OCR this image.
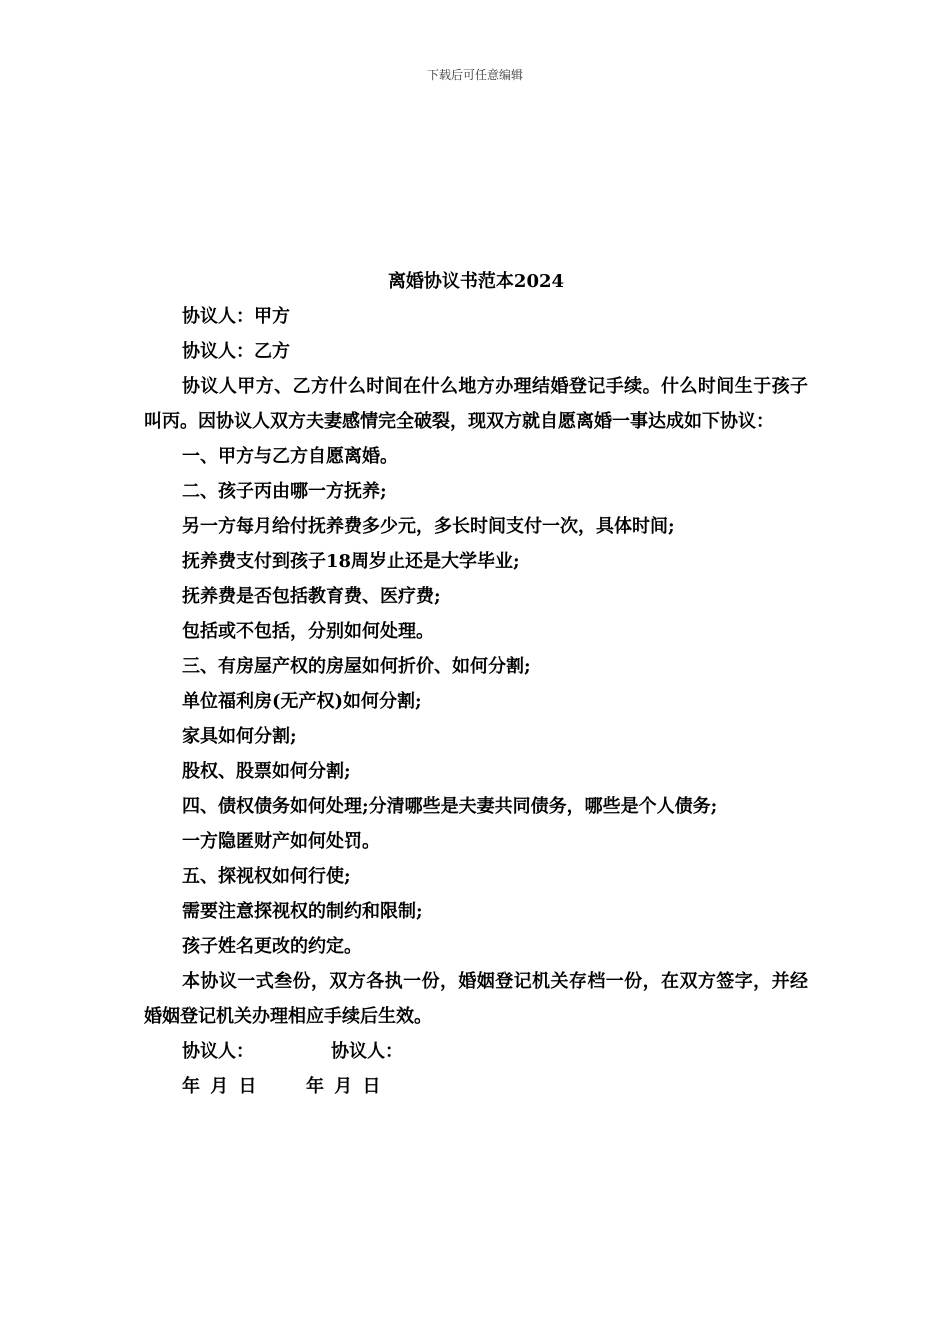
下载后可任意编辑
离婚协议书范本2024

协议人：甲方

协议人：乙方

协议人甲方、乙方什么时间在什么地方办理结婚登记手续。什么时间生于孩子叫丙。因协议人双方夫妻感情完全破裂，现双方就自愿离婚一事达成如下协议：

一、甲方与乙方自愿离婚。

二、孩子丙由哪一方抚养;

另一方每月给付抚养费多少元，多长时间支付一次，具体时间;

抚养费支付到孩子18周岁止还是大学毕业;

抚养费是否包括教育费、医疗费;

包括或不包括，分别如何处理。

三、有房屋产权的房屋如何折价、如何分割;

单位福利房(无产权)如何分割;

家具如何分割;

股权、股票如何分割;

四、债权债务如何处理;分清哪些是夫妻共同债务，哪些是个人债务;

一方隐匿财产如何处罚。

五、探视权如何行使;

需要注意探视权的制约和限制;

孩子姓名更改的约定。

本协议一式叁份，双方各执一份，婚姻登记机关存档一份，在双方签字，并经婚姻登记机关办理相应手续后生效。

协议人：	协议人：
年 月 日	年 月 日
